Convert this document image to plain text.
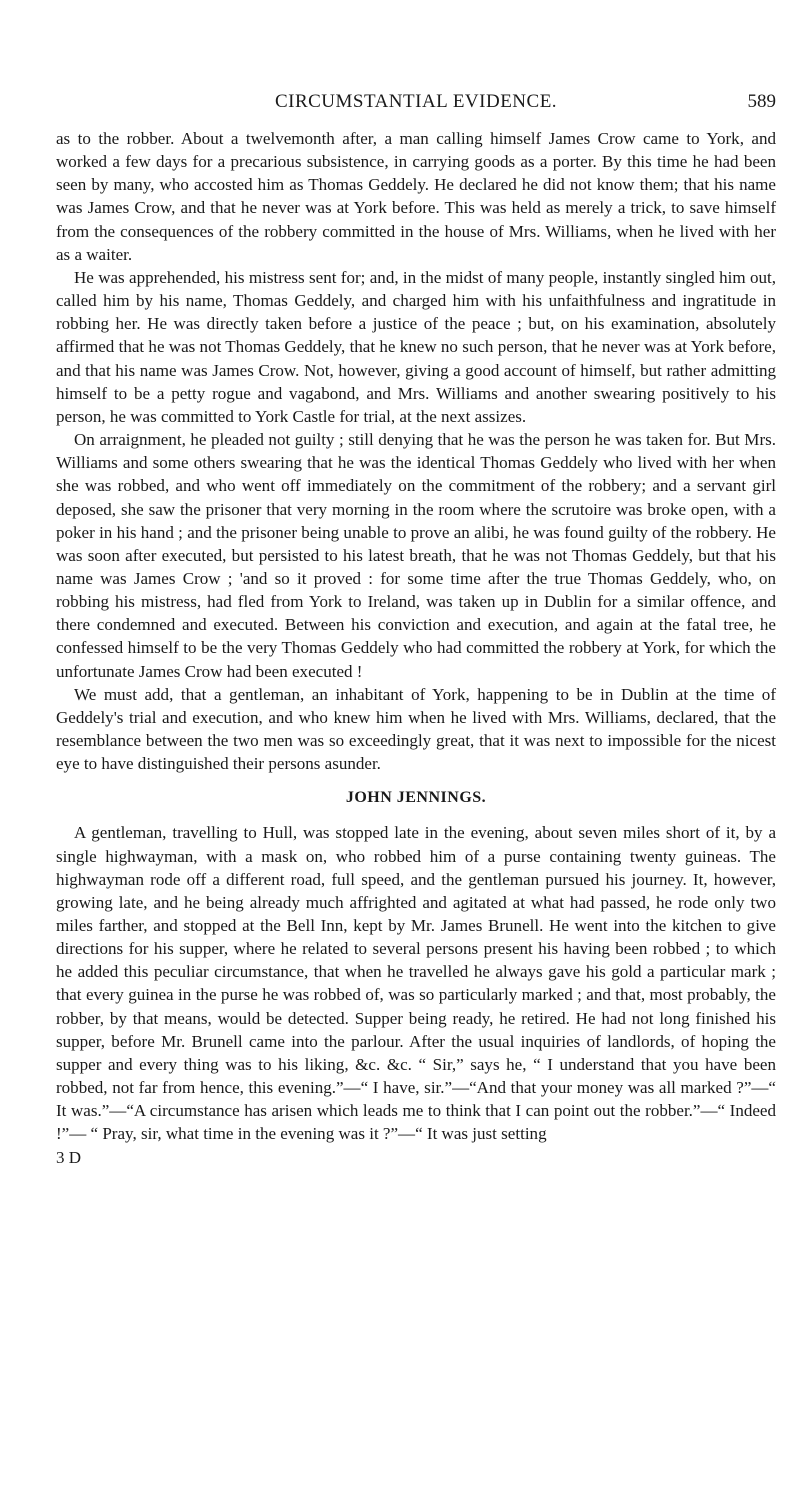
CIRCUMSTANTIAL EVIDENCE.	589

as to the robber. About a twelvemonth after, a man calling himself James Crow came to York, and worked a few days for a precarious subsistence, in carrying goods as a porter. By this time he had been seen by many, who accosted him as Thomas Geddely. He declared he did not know them; that his name was James Crow, and that he never was at York before. This was held as merely a trick, to save himself from the consequences of the robbery committed in the house of Mrs. Williams, when he lived with her as a waiter.

He was apprehended, his mistress sent for; and, in the midst of many people, instantly singled him out, called him by his name, Thomas Geddely, and charged him with his unfaithfulness and ingratitude in robbing her. He was directly taken before a justice of the peace ; but, on his examination, absolutely affirmed that he was not Thomas Geddely, that he knew no such person, that he never was at York before, and that his name was James Crow. Not, however, giving a good account of himself, but rather admitting himself to be a petty rogue and vagabond, and Mrs. Williams and another swearing positively to his person, he was committed to York Castle for trial, at the next assizes.

On arraignment, he pleaded not guilty ; still denying that he was the person he was taken for. But Mrs. Williams and some others swearing that he was the identical Thomas Geddely who lived with her when she was robbed, and who went off immediately on the commitment of the robbery; and a servant girl deposed, she saw the prisoner that very morning in the room where the scrutoire was broke open, with a poker in his hand ; and the prisoner being unable to prove an alibi, he was found guilty of the robbery. He was soon after executed, but persisted to his latest breath, that he was not Thomas Geddely, but that his name was James Crow ; 'and so it proved : for some time after the true Thomas Geddely, who, on robbing his mistress, had fled from York to Ireland, was taken up in Dublin for a similar offence, and there condemned and executed. Between his conviction and execution, and again at the fatal tree, he confessed himself to be the very Thomas Geddely who had committed the robbery at York, for which the unfortunate James Crow had been executed !

We must add, that a gentleman, an inhabitant of York, happening to be in Dublin at the time of Geddely's trial and execution, and who knew him when he lived with Mrs. Williams, declared, that the resemblance between the two men was so exceedingly great, that it was next to impossible for the nicest eye to have distinguished their persons asunder.

JOHN JENNINGS.

A gentleman, travelling to Hull, was stopped late in the evening, about seven miles short of it, by a single highwayman, with a mask on, who robbed him of a purse containing twenty guineas. The highwayman rode off a different road, full speed, and the gentleman pursued his journey. It, however, growing late, and he being already much affrighted and agitated at what had passed, he rode only two miles farther, and stopped at the Bell Inn, kept by Mr. James Brunell. He went into the kitchen to give directions for his supper, where he related to several persons present his having been robbed ; to which he added this peculiar circumstance, that when he travelled he always gave his gold a particular mark ; that every guinea in the purse he was robbed of, was so particularly marked ; and that, most probably, the robber, by that means, would be detected. Supper being ready, he retired. He had not long finished his supper, before Mr. Brunell came into the parlour. After the usual inquiries of landlords, of hoping the supper and every thing was to his liking, &c. &c. “ Sir,” says he, “ I understand that you have been robbed, not far from hence, this evening.”—“ I have, sir.”—“And that your money was all marked ?”—“ It was.”—“A circumstance has arisen which leads me to think that I can point out the robber.”—“ Indeed !”— “ Pray, sir, what time in the evening was it ?”—“ It was just setting

3 D
